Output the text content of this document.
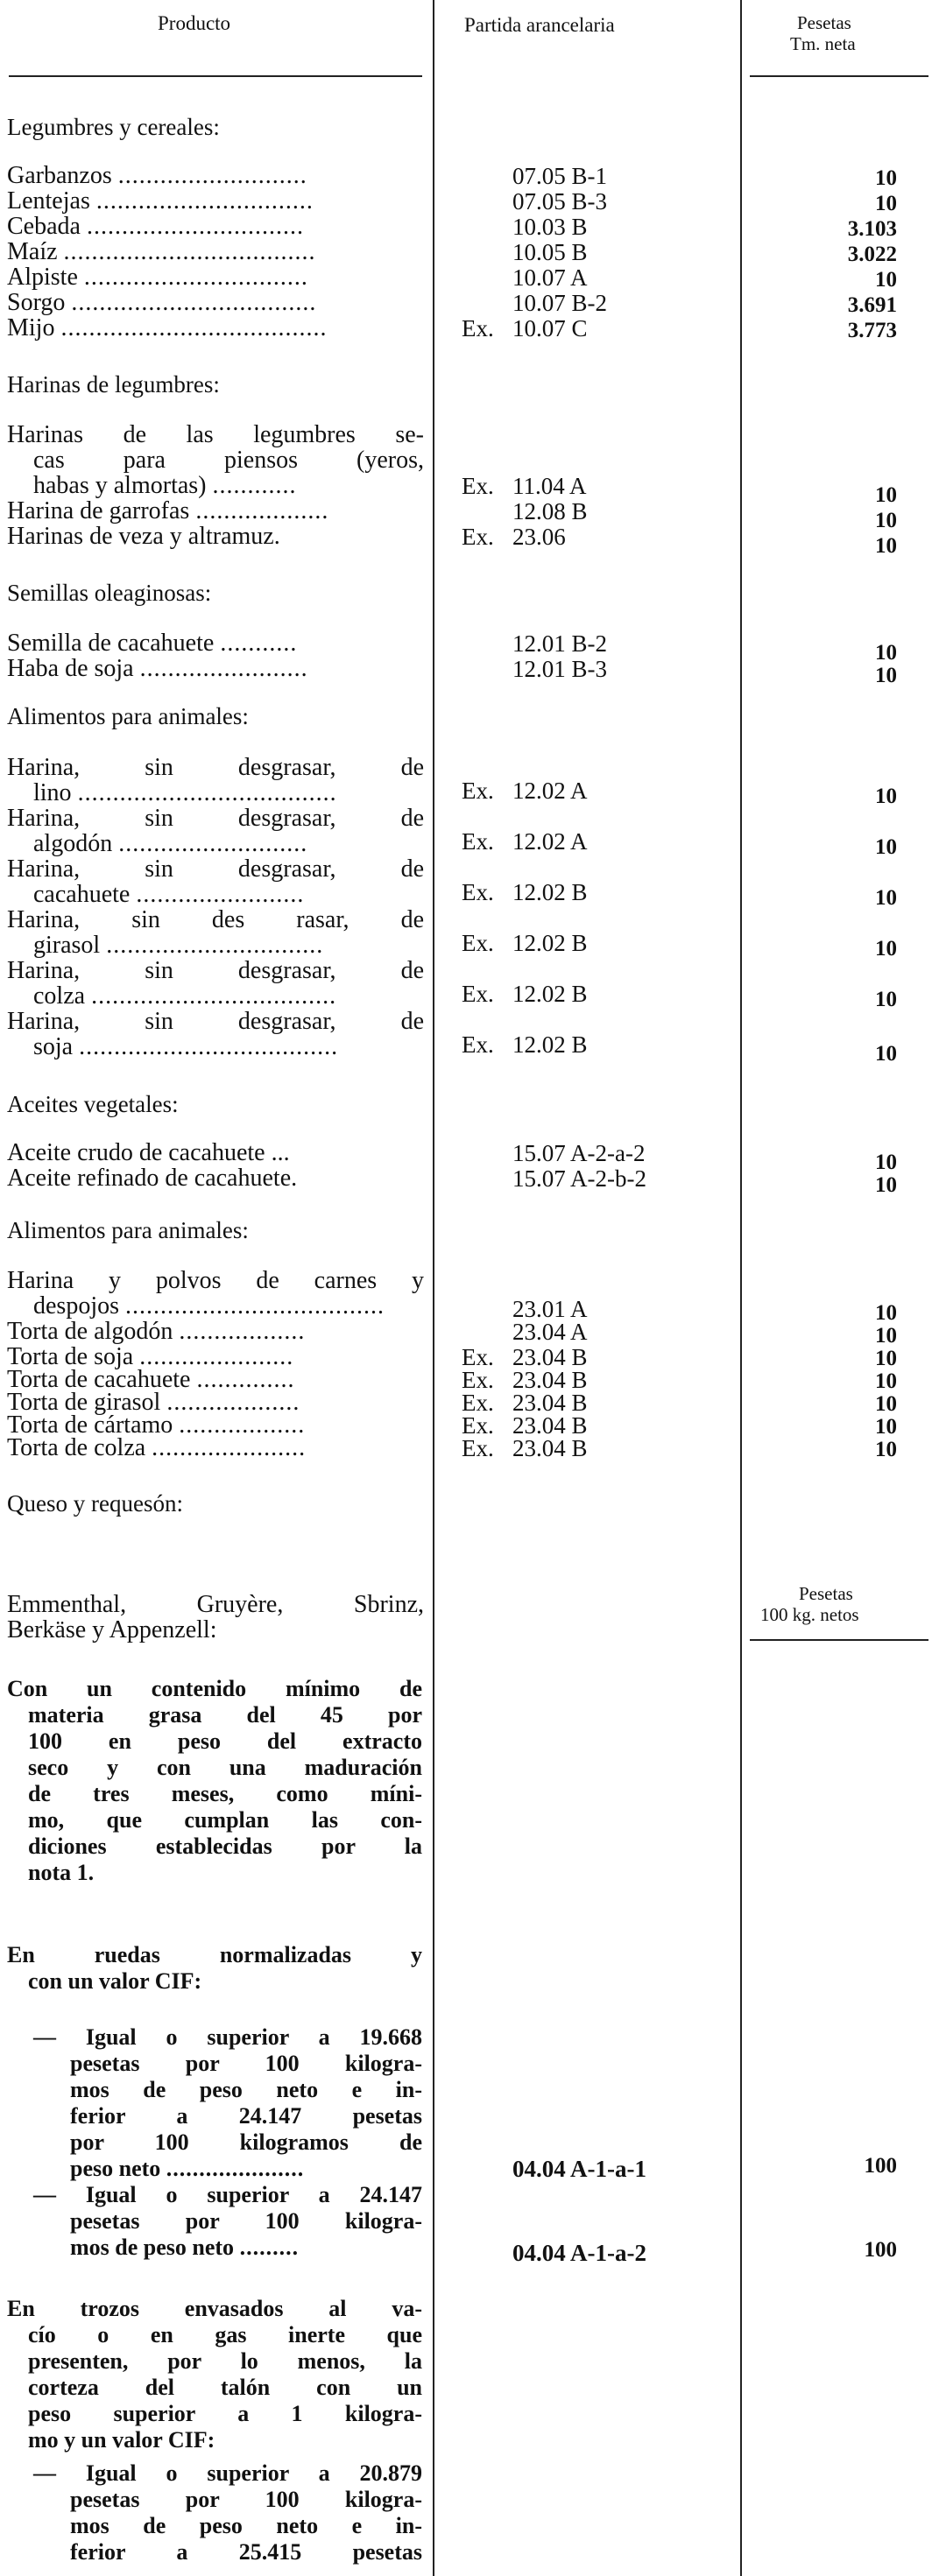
Producto	Partida arancelaria	Pesetas
Tm. neta
Legumbres y cereales:
Garbanzos ...........................	07.05 B-1	10
Lentejas ...............................	07.05 B-3	10
Cebada ...............................	10.03 B	3.103
Maíz ....................................	10.05 B	3.022
Alpiste ................................	10.07 A	10
Sorgo ...................................	10.07 B-2	3.691
Mijo ......................................	Ex. 10.07 C	3.773
Harinas de legumbres:
Harinas de las legumbres se-
cas para piensos (yeros,
habas y almortas) ............	Ex. 11.04 A	10
Harina de garrofas ...................	12.08 B	10
Harinas de veza y altramuz.	Ex. 23.06	10
Semillas oleaginosas:
Semilla de cacahuete ...........	12.01 B-2	10
Haba de soja ........................	12.01 B-3	10
Alimentos para animales:
Harina, sin desgrasar, de
lino .....................................	Ex. 12.02 A	10
Harina, sin desgrasar, de
algodón ...........................	Ex. 12.02 A	10
Harina, sin desgrasar, de
cacahuete ........................	Ex. 12.02 B	10
Harina, sin des rasar, de
girasol ...............................	Ex. 12.02 B	10
Harina, sin desgrasar, de
colza ...................................	Ex. 12.02 B	10
Harina, sin desgrasar, de
soja .....................................	Ex. 12.02 B	10
Aceites vegetales:
Aceite crudo de cacahuete ...	15.07 A-2-a-2	10
Aceite refinado de cacahuete.	15.07 A-2-b-2	10
Alimentos para animales:
Harina y polvos de carnes y
despojos .....................................	23.01 A	10
Torta de algodón ..................	23.04 A	10
Torta de soja ......................	Ex. 23.04 B	10
Torta de cacahuete ..............	Ex. 23.04 B	10
Torta de girasol ...................	Ex. 23.04 B	10
Torta de cártamo ..................	Ex. 23.04 B	10
Torta de colza ......................	Ex. 23.04 B	10
Queso y requesón:
Pesetas
100 kg. netos
Emmenthal, Gruyère, Sbrinz,
Berkäse y Appenzell:
Con un contenido mínimo de
materia grasa del 45 por
100 en peso del extracto
seco y con una maduración
de tres meses, como míni-
mo, que cumplan las con-
diciones establecidas por la
nota 1.
En ruedas normalizadas y
con un valor CIF:
— Igual o superior a 19.668
pesetas por 100 kilogra-
mos de peso neto e in-
ferior a 24.147 pesetas
por 100 kilogramos de
peso neto .....................	04.04 A-1-a-1	100
— Igual o superior a 24.147
pesetas por 100 kilogra-
mos de peso neto .........	04.04 A-1-a-2	100
En trozos envasados al va-
cío o en gas inerte que
presenten, por lo menos, la
corteza del talón con un
peso superior a 1 kilogra-
mo y un valor CIF:
— Igual o superior a 20.879
pesetas por 100 kilogra-
mos de peso neto e in-
ferior a 25.415 pesetas
